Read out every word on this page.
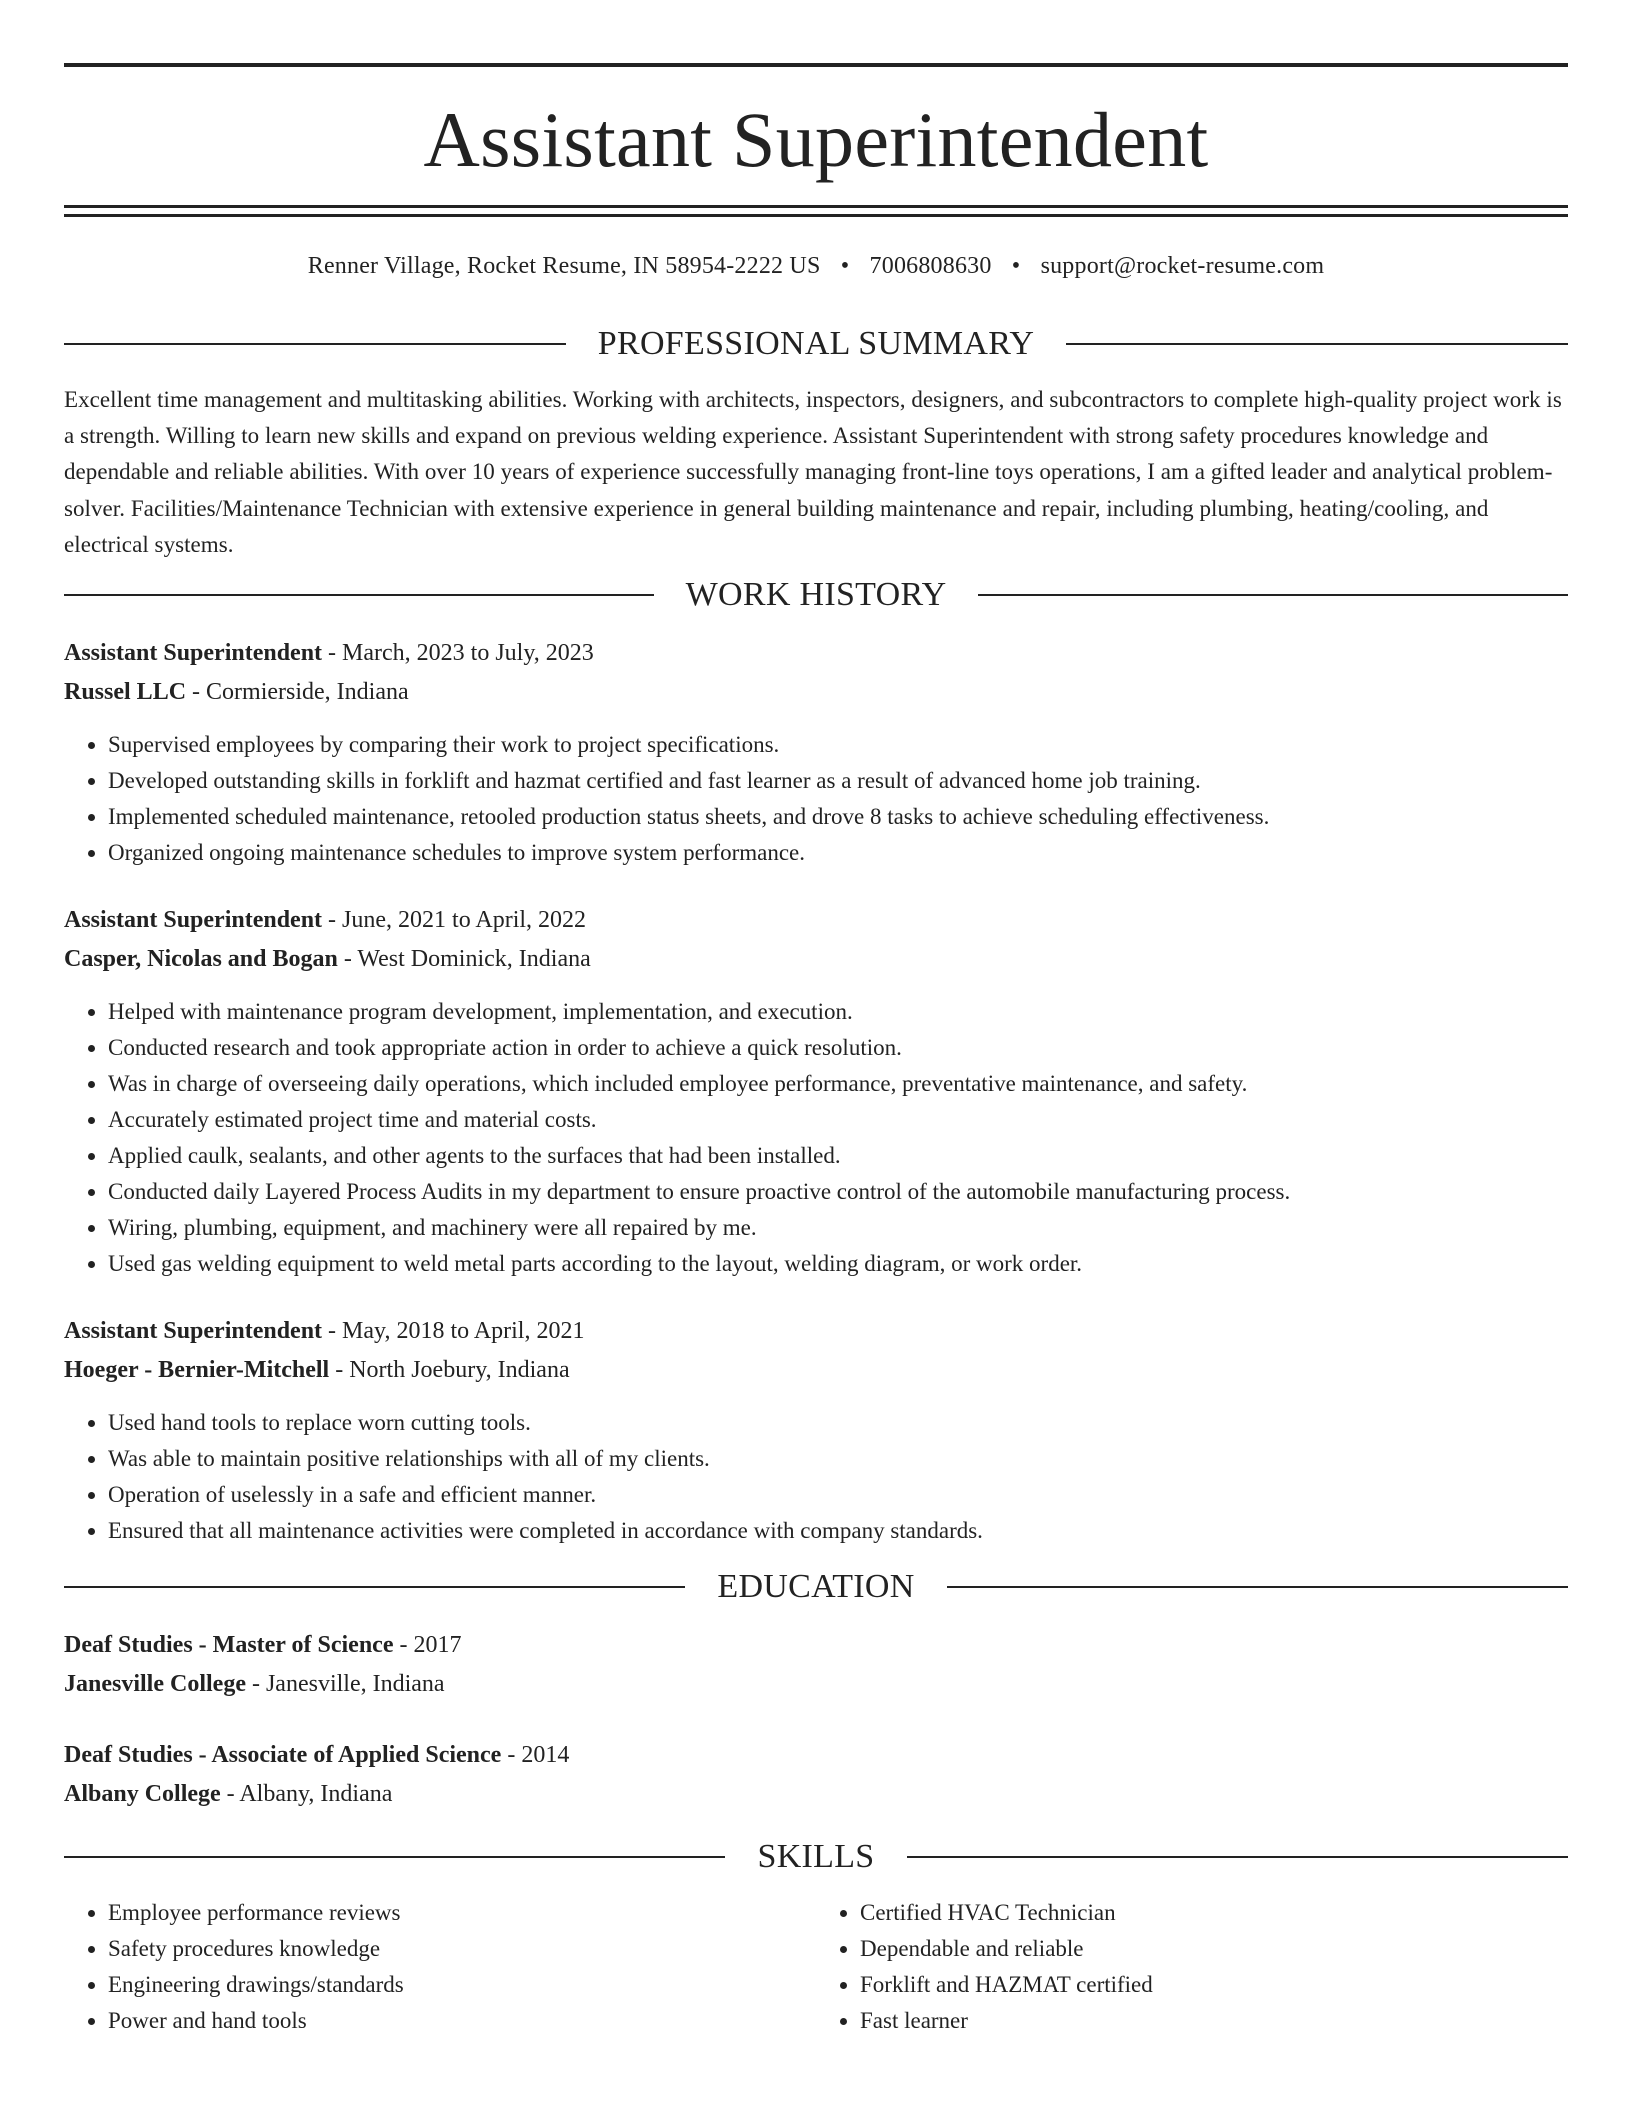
Assistant Superintendent
Renner Village, Rocket Resume, IN 58954-2222 US • 7006808630 • support@rocket-resume.com
PROFESSIONAL SUMMARY

Excellent time management and multitasking abilities. Working with architects, inspectors, designers, and subcontractors to complete high-quality project work is a strength. Willing to learn new skills and expand on previous welding experience. Assistant Superintendent with strong safety procedures knowledge and dependable and reliable abilities. With over 10 years of experience successfully managing front-line toys operations, I am a gifted leader and analytical problem-solver. Facilities/Maintenance Technician with extensive experience in general building maintenance and repair, including plumbing, heating/cooling, and electrical systems.

WORK HISTORY
Assistant Superintendent - March, 2023 to July, 2023
Russel LLC - Cormierside, Indiana
• Supervised employees by comparing their work to project specifications.
• Developed outstanding skills in forklift and hazmat certified and fast learner as a result of advanced home job training.
• Implemented scheduled maintenance, retooled production status sheets, and drove 8 tasks to achieve scheduling effectiveness.
• Organized ongoing maintenance schedules to improve system performance.
Assistant Superintendent - June, 2021 to April, 2022
Casper, Nicolas and Bogan - West Dominick, Indiana
• Helped with maintenance program development, implementation, and execution.
• Conducted research and took appropriate action in order to achieve a quick resolution.
• Was in charge of overseeing daily operations, which included employee performance, preventative maintenance, and safety.
• Accurately estimated project time and material costs.
• Applied caulk, sealants, and other agents to the surfaces that had been installed.
• Conducted daily Layered Process Audits in my department to ensure proactive control of the automobile manufacturing process.
• Wiring, plumbing, equipment, and machinery were all repaired by me.
• Used gas welding equipment to weld metal parts according to the layout, welding diagram, or work order.
Assistant Superintendent - May, 2018 to April, 2021
Hoeger - Bernier-Mitchell - North Joebury, Indiana
• Used hand tools to replace worn cutting tools.
• Was able to maintain positive relationships with all of my clients.
• Operation of uselessly in a safe and efficient manner.
• Ensured that all maintenance activities were completed in accordance with company standards.
EDUCATION
Deaf Studies - Master of Science - 2017
Janesville College - Janesville, Indiana
Deaf Studies - Associate of Applied Science - 2014
Albany College - Albany, Indiana
SKILLS
• Employee performance reviews
• Safety procedures knowledge
• Engineering drawings/standards
• Power and hand tools
• Certified HVAC Technician
• Dependable and reliable
• Forklift and HAZMAT certified
• Fast learner
